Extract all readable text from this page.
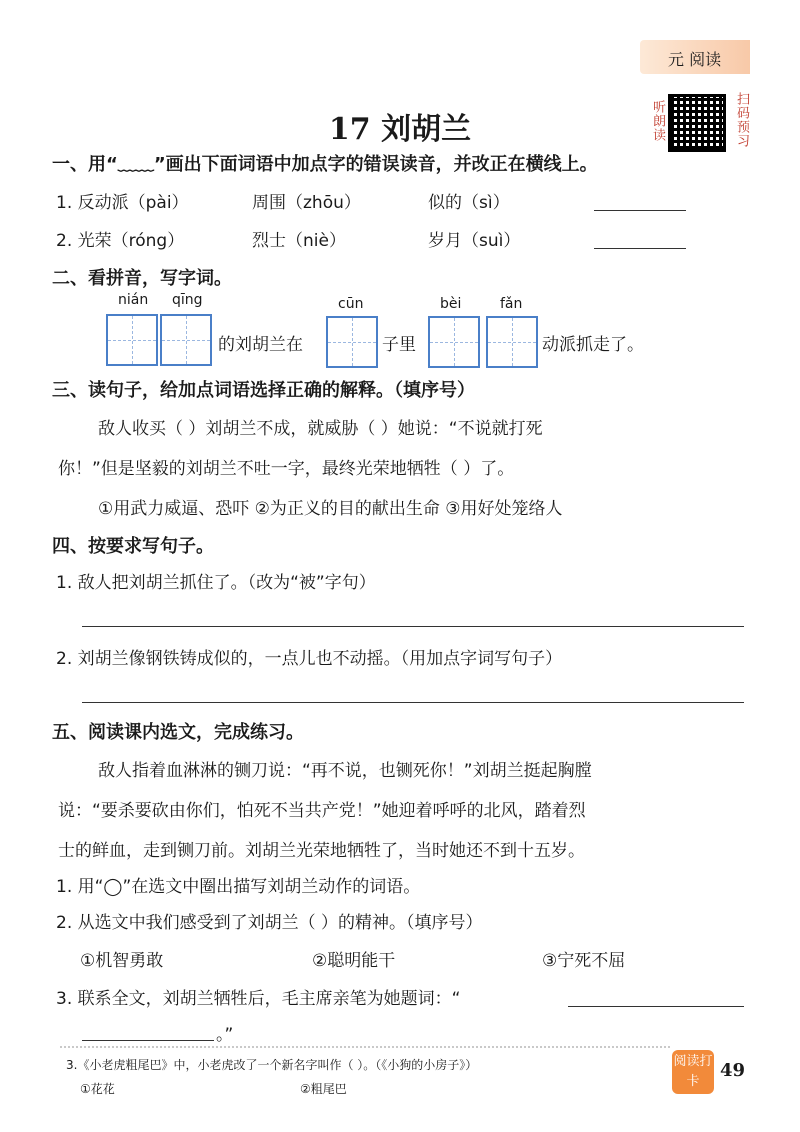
元 阅读
17 刘胡兰	听朗读	扫码预习
一、用“﹏﹏”画出下面词语中加点字的错误读音，并改正在横线上。
1. 反动派（pài）	周围（zhōu）	似的（sì）
2. 光荣（róng）	烈士（niè）	岁月（suì）
二、看拼音，写字词。
nián qīng	cūn	bèi	fǎn
的刘胡兰在	子里	动派抓走了。
三、读句子，给加点词语选择正确的解释。（填序号）
敌人收买（ ）刘胡兰不成，就威胁（ ）她说：“不说就打死
你！”但是坚毅的刘胡兰不吐一字，最终光荣地牺牲（ ）了。
①用武力威逼、恐吓 ②为正义的目的献出生命 ③用好处笼络人
四、按要求写句子。
1. 敌人把刘胡兰抓住了。（改为“被”字句）
2. 刘胡兰像钢铁铸成似的，一点儿也不动摇。（用加点字词写句子）
五、阅读课内选文，完成练习。
敌人指着血淋淋的铡刀说：“再不说，也铡死你！”刘胡兰挺起胸膛
说：“要杀要砍由你们，怕死不当共产党！”她迎着呼呼的北风，踏着烈
士的鲜血，走到铡刀前。刘胡兰光荣地牺牲了，当时她还不到十五岁。
1. 用“◯”在选文中圈出描写刘胡兰动作的词语。
2. 从选文中我们感受到了刘胡兰（ ）的精神。（填序号）
①机智勇敢	②聪明能干	③宁死不屈
3. 联系全文，刘胡兰牺牲后，毛主席亲笔为她题词：“
。”
3.《小老虎粗尾巴》中，小老虎改了一个新名字叫作（ ）。（《小狗的小房子》）
①花花	②粗尾巴
阅读打卡
49
